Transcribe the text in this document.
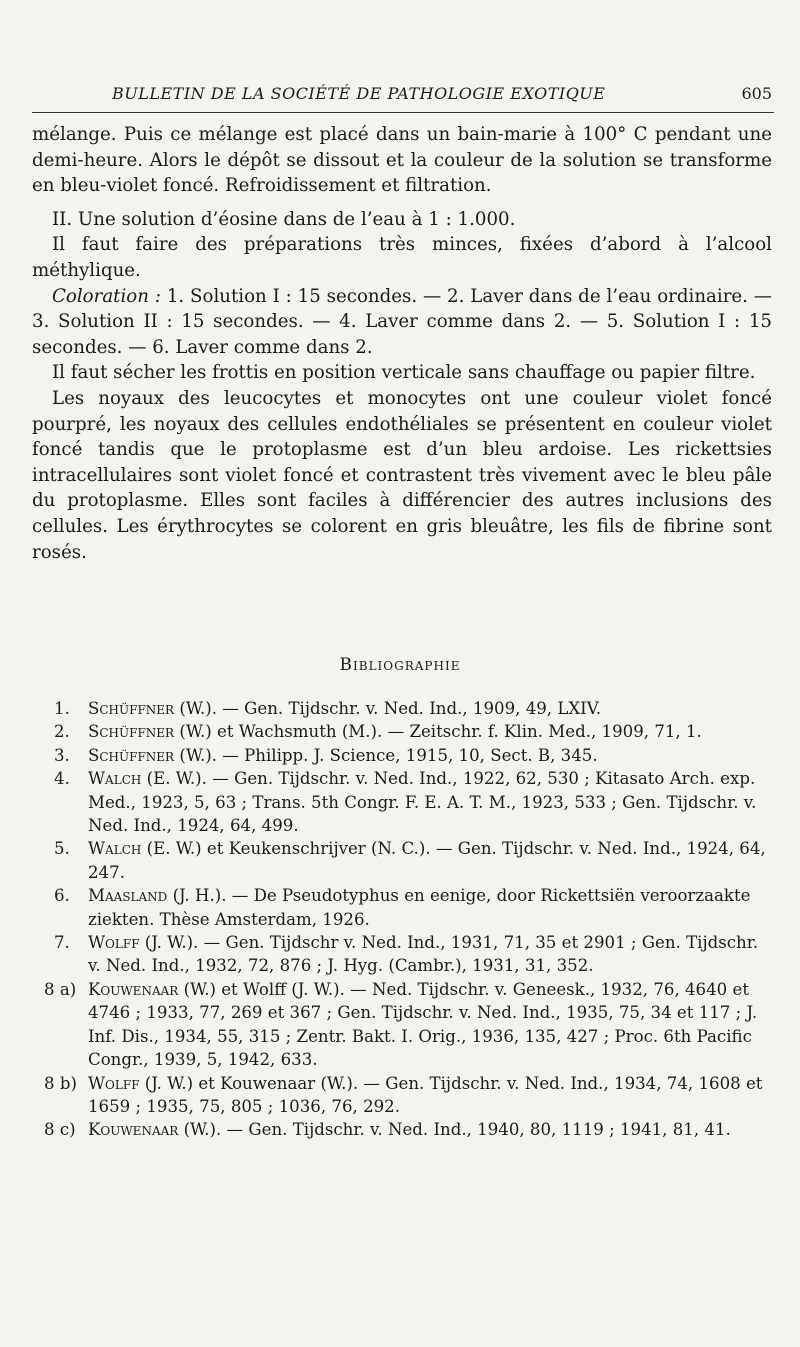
BULLETIN DE LA SOCIÉTÉ DE PATHOLOGIE EXOTIQUE	605

mélange. Puis ce mélange est placé dans un bain-marie à 100° C pendant une demi-heure. Alors le dépôt se dissout et la couleur de la solution se transforme en bleu-violet foncé. Refroidissement et filtration.

II. Une solution d’éosine dans de l’eau à 1 : 1.000.

Il faut faire des préparations très minces, fixées d’abord à l’alcool méthylique.

Coloration : 1. Solution I : 15 secondes. — 2. Laver dans de l’eau ordinaire. — 3. Solution II : 15 secondes. — 4. Laver comme dans 2. — 5. Solution I : 15 secondes. — 6. Laver comme dans 2.

Il faut sécher les frottis en position verticale sans chauffage ou papier filtre.

Les noyaux des leucocytes et monocytes ont une couleur violet foncé pourpré, les noyaux des cellules endothéliales se présentent en couleur violet foncé tandis que le protoplasme est d’un bleu ardoise. Les rickettsies intracellulaires sont violet foncé et contrastent très vivement avec le bleu pâle du protoplasme. Elles sont faciles à différencier des autres inclusions des cellules. Les érythrocytes se colorent en gris bleuâtre, les fils de fibrine sont rosés.

Bibliographie
1. Schüffner (W.). — Gen. Tijdschr. v. Ned. Ind., 1909, 49, LXIV.
2. Schüffner (W.) et Wachsmuth (M.). — Zeitschr. f. Klin. Med., 1909, 71, 1.
3. Schüffner (W.). — Philipp. J. Science, 1915, 10, Sect. B, 345.
4. Walch (E. W.). — Gen. Tijdschr. v. Ned. Ind., 1922, 62, 530 ; Kitasato Arch. exp. Med., 1923, 5, 63 ; Trans. 5th Congr. F. E. A. T. M., 1923, 533 ; Gen. Tijdschr. v. Ned. Ind., 1924, 64, 499.
5. Walch (E. W.) et Keukenschrijver (N. C.). — Gen. Tijdschr. v. Ned. Ind., 1924, 64, 247.
6. Maasland (J. H.). — De Pseudotyphus en eenige, door Rickettsiën veroorzaakte ziekten. Thèse Amsterdam, 1926.
7. Wolff (J. W.). — Gen. Tijdschr v. Ned. Ind., 1931, 71, 35 et 2901 ; Gen. Tijdschr. v. Ned. Ind., 1932, 72, 876 ; J. Hyg. (Cambr.), 1931, 31, 352.
8 a) Kouwenaar (W.) et Wolff (J. W.). — Ned. Tijdschr. v. Geneesk., 1932, 76, 4640 et 4746 ; 1933, 77, 269 et 367 ; Gen. Tijdschr. v. Ned. Ind., 1935, 75, 34 et 117 ; J. Inf. Dis., 1934, 55, 315 ; Zentr. Bakt. I. Orig., 1936, 135, 427 ; Proc. 6th Pacific Congr., 1939, 5, 1942, 633.
8 b) Wolff (J. W.) et Kouwenaar (W.). — Gen. Tijdschr. v. Ned. Ind., 1934, 74, 1608 et 1659 ; 1935, 75, 805 ; 1036, 76, 292.
8 c) Kouwenaar (W.). — Gen. Tijdschr. v. Ned. Ind., 1940, 80, 1119 ; 1941, 81, 41.
